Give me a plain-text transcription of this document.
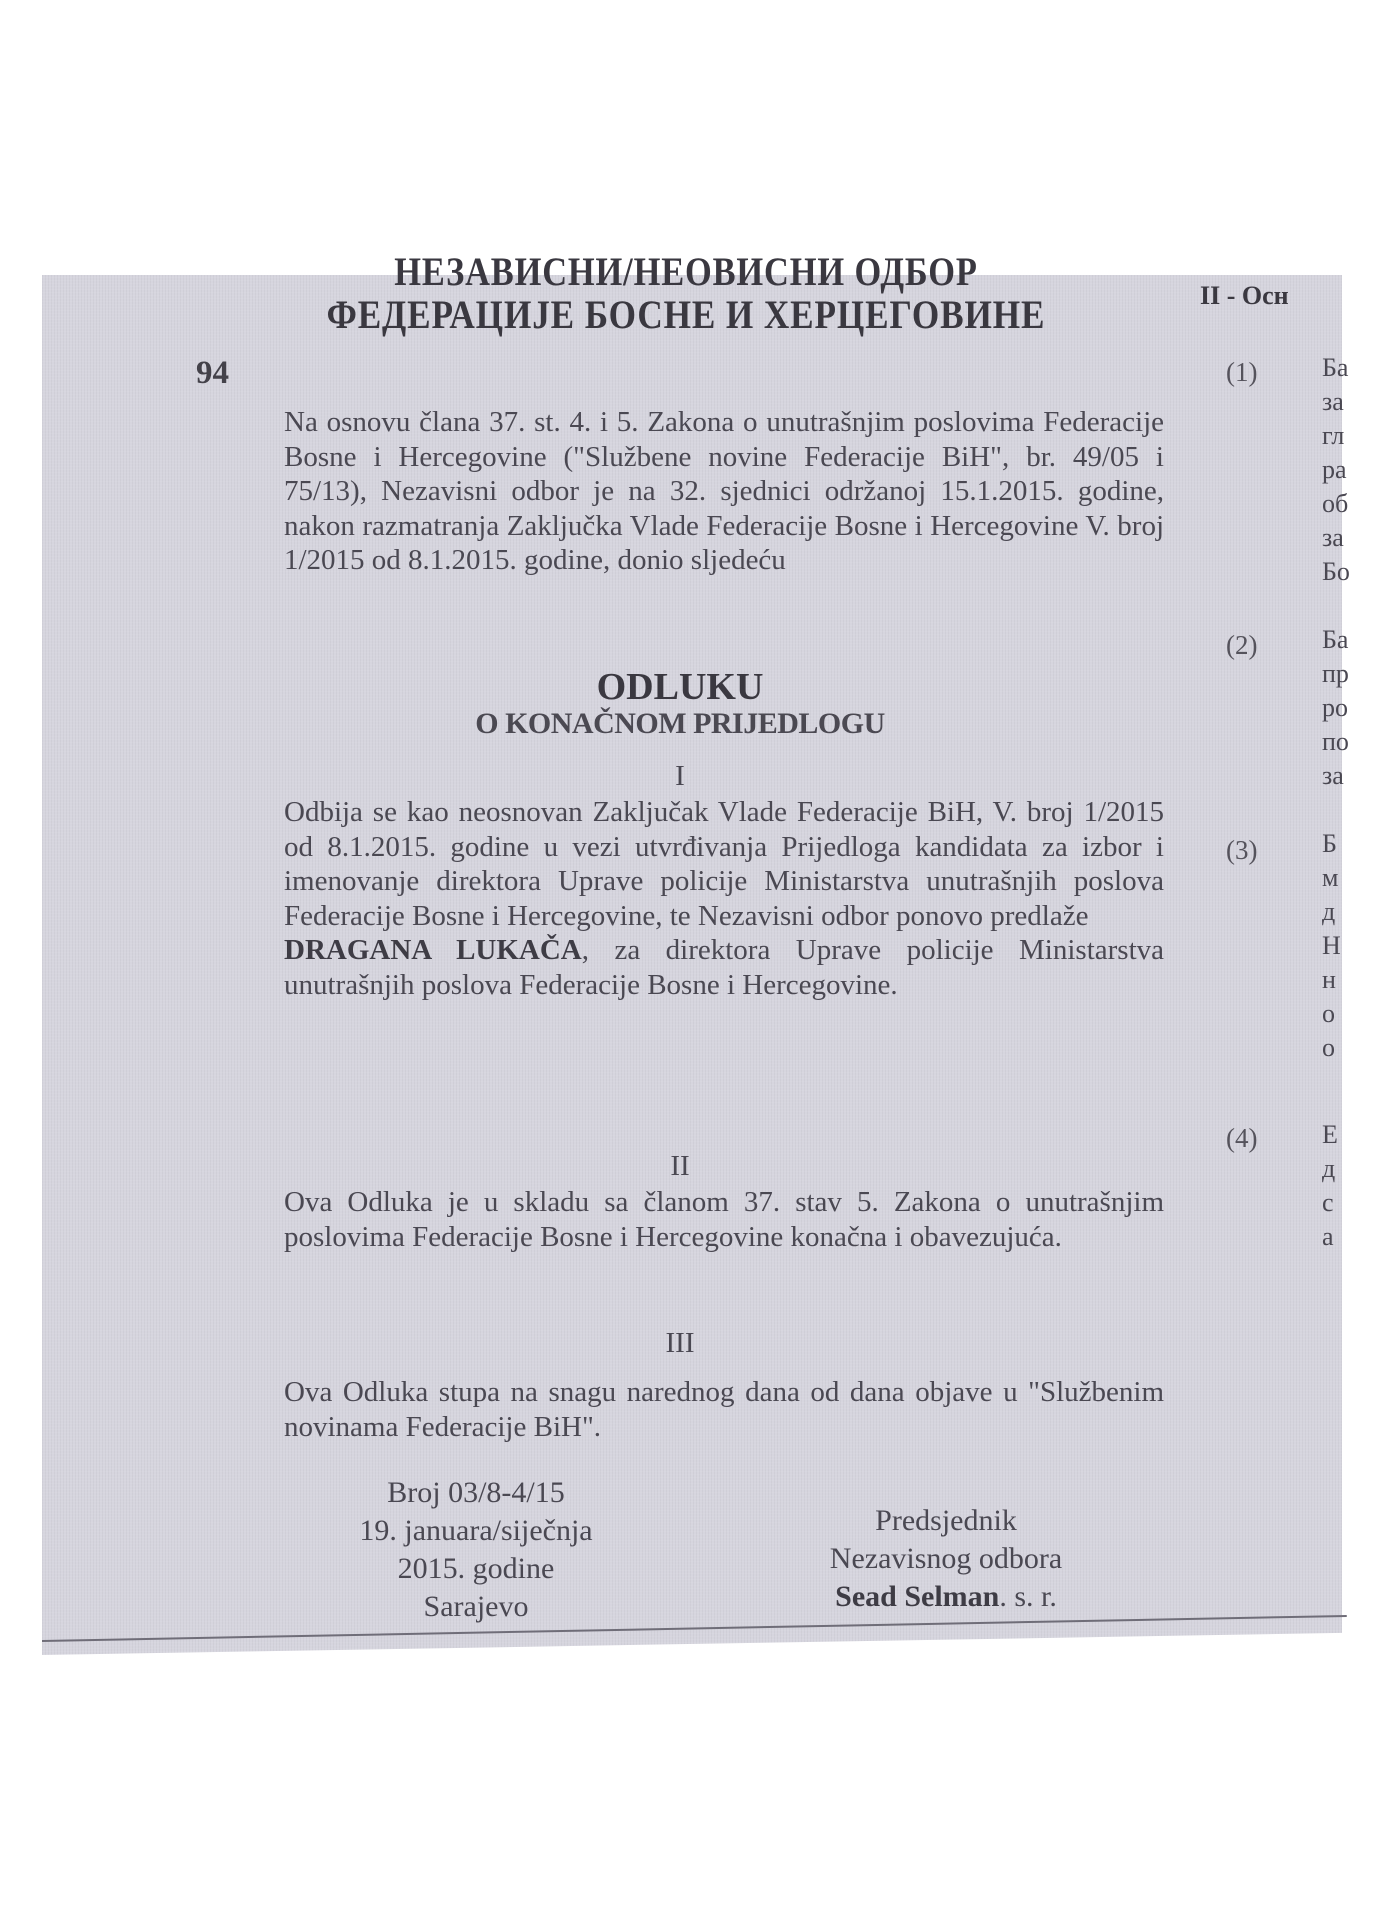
НЕЗАВИСНИ/НЕОВИСНИ ОДБОР
ФЕДЕРАЦИЈЕ БОСНЕ И ХЕРЦЕГОВИНЕ
94
Na osnovu člana 37. st. 4. i 5. Zakona o unutrašnjim poslovima Federacije Bosne i Hercegovine ("Službene novine Federacije BiH", br. 49/05 i 75/13), Nezavisni odbor je na 32. sjednici održanoj 15.1.2015. godine, nakon razmatranja Zaključka Vlade Federacije Bosne i Hercegovine V. broj 1/2015 od 8.1.2015. godine, donio sljedeću
ODLUKU
O KONAČNOM PRIJEDLOGU
I
Odbija se kao neosnovan Zaključak Vlade Federacije BiH, V. broj 1/2015 od 8.1.2015. godine u vezi utvrđivanja Prijedloga kandidata za izbor i imenovanje direktora Uprave policije Ministarstva unutrašnjih poslova Federacije Bosne i Hercegovine, te Nezavisni odbor ponovo predlaže
DRAGANA LUKAČA, za direktora Uprave policije Ministarstva unutrašnjih poslova Federacije Bosne i Hercegovine.
II
Ova Odluka je u skladu sa članom 37. stav 5. Zakona o unutrašnjim poslovima Federacije Bosne i Hercegovine konačna i obavezujuća.
III
Ova Odluka stupa na snagu narednog dana od dana objave u "Službenim novinama Federacije BiH".
Broj 03/8-4/15
19. januara/siječnja
2015. godine
Sarajevo
Predsjednik
Nezavisnog odbora
Sead Selman. s. r.
II - Осн
(1)
(2)
(3)
(4)
Ба
за
гл
ра
об
за
Бо
Ба
пр
ро
по
за
Б
м
д
Н
н
о
о
Е
д
с
а
